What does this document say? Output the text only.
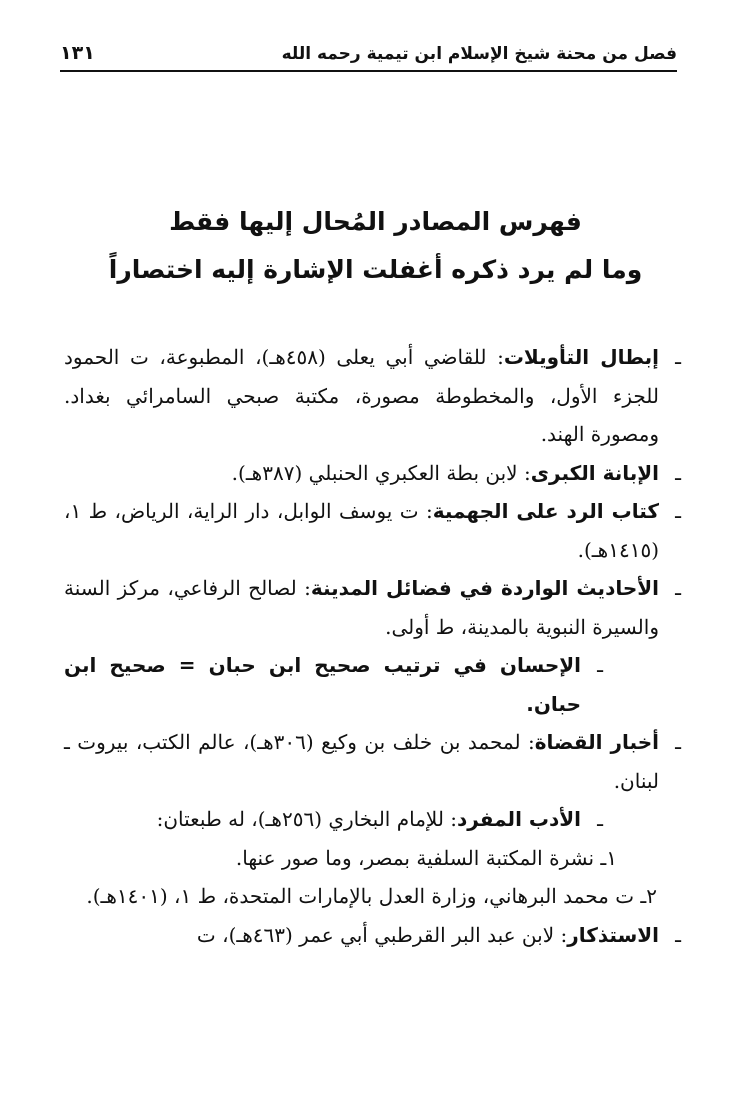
فصل من محنة شيخ الإسلام ابن تيمية رحمه الله
١٣١
فهرس المصادر المُحال إليها فقط
وما لم يرد ذكره أغفلت الإشارة إليه اختصاراً

ـ
إبطال التأويلات: للقاضي أبي يعلى (٤٥٨هـ)، المطبوعة، ت الحمود للجزء الأول، والمخطوطة مصورة، مكتبة صبحي السامرائي بغداد. ومصورة الهند.

ـ
الإبانة الكبرى: لابن بطة العكبري الحنبلي (٣٨٧هـ).

ـ
كتاب الرد على الجهمية: ت يوسف الوابل، دار الراية، الرياض، ط ١، (١٤١٥هـ).

ـ
الأحاديث الواردة في فضائل المدينة: لصالح الرفاعي، مركز السنة والسيرة النبوية بالمدينة، ط أولى.

ـ
الإحسان في ترتيب صحيح ابن حبان = صحيح ابن حبان.

ـ
أخبار القضاة: لمحمد بن خلف بن وكيع (٣٠٦هـ)، عالم الكتب، بيروت ـ لبنان.

ـ
الأدب المفرد: للإمام البخاري (٢٥٦هـ)، له طبعتان:

١ـ نشرة المكتبة السلفية بمصر، وما صور عنها.

٢ـ ت محمد البرهاني، وزارة العدل بالإمارات المتحدة، ط ١، (١٤٠١هـ).

ـ
الاستذكار: لابن عبد البر القرطبي أبي عمر (٤٦٣هـ)، ت
